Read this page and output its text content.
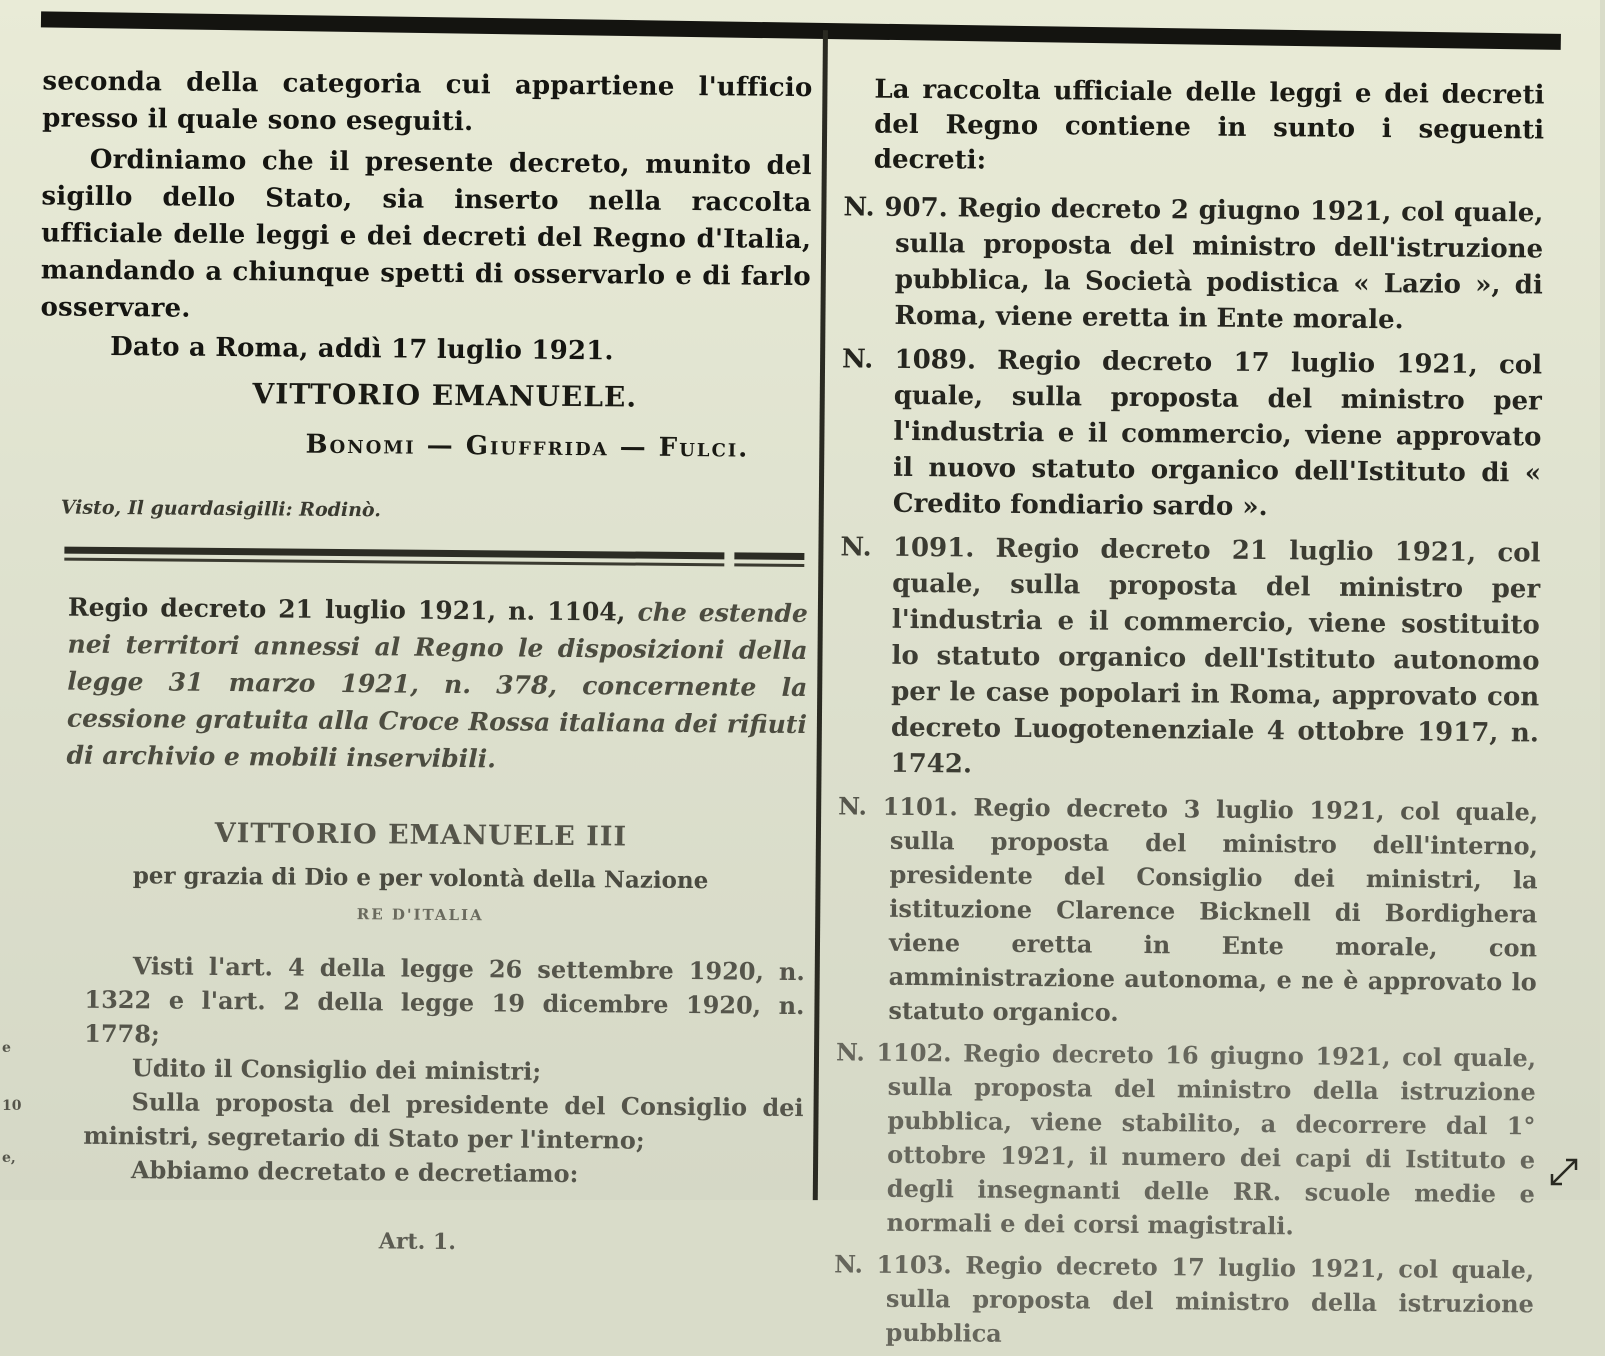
seconda della categoria cui appartiene l'ufficio presso il quale sono eseguiti.

Ordiniamo che il presente decreto, munito del sigillo dello Stato, sia inserto nella raccolta ufficiale delle leggi e dei decreti del Regno d'Italia, mandando a chiunque spetti di osservarlo e di farlo osservare.

Dato a Roma, addì 17 luglio 1921.

VITTORIO EMANUELE.

Bonomi — Giuffrida — Fulci.

Visto, Il guardasigilli: Rodinò.

Regio decreto 21 luglio 1921, n. 1104, che estende nei territori annessi al Regno le disposizioni della legge 31 marzo 1921, n. 378, concernente la cessione gratuita alla Croce Rossa italiana dei rifiuti di archivio e mobili inservibili.

VITTORIO EMANUELE III

per grazia di Dio e per volontà della Nazione

RE D'ITALIA

Visti l'art. 4 della legge 26 settembre 1920, n. 1322 e l'art. 2 della legge 19 dicembre 1920, n. 1778;

Udito il Consiglio dei ministri;

Sulla proposta del presidente del Consiglio dei ministri, segretario di Stato per l'interno;

Abbiamo decretato e decretiamo:

Art. 1.

La raccolta ufficiale delle leggi e dei decreti del Regno contiene in sunto i seguenti decreti:

N. 907. Regio decreto 2 giugno 1921, col quale, sulla proposta del ministro dell'istruzione pubblica, la Società podistica « Lazio », di Roma, viene eretta in Ente morale.

N. 1089. Regio decreto 17 luglio 1921, col quale, sulla proposta del ministro per l'industria e il commercio, viene approvato il nuovo statuto organico dell'Istituto di « Credito fondiario sardo ».

N. 1091. Regio decreto 21 luglio 1921, col quale, sulla proposta del ministro per l'industria e il commercio, viene sostituito lo statuto organico dell'Istituto autonomo per le case popolari in Roma, approvato con decreto Luogotenenziale 4 ottobre 1917, n. 1742.

N. 1101. Regio decreto 3 luglio 1921, col quale, sulla proposta del ministro dell'interno, presidente del Consiglio dei ministri, la istituzione Clarence Bicknell di Bordighera viene eretta in Ente morale, con amministrazione autonoma, e ne è approvato lo statuto organico.

N. 1102. Regio decreto 16 giugno 1921, col quale, sulla proposta del ministro della istruzione pubblica, viene stabilito, a decorrere dal 1° ottobre 1921, il numero dei capi di Istituto e degli insegnanti delle RR. scuole medie e normali e dei corsi magistrali.

N. 1103. Regio decreto 17 luglio 1921, col quale, sulla proposta del ministro della istruzione pubblica

e
10
e,
